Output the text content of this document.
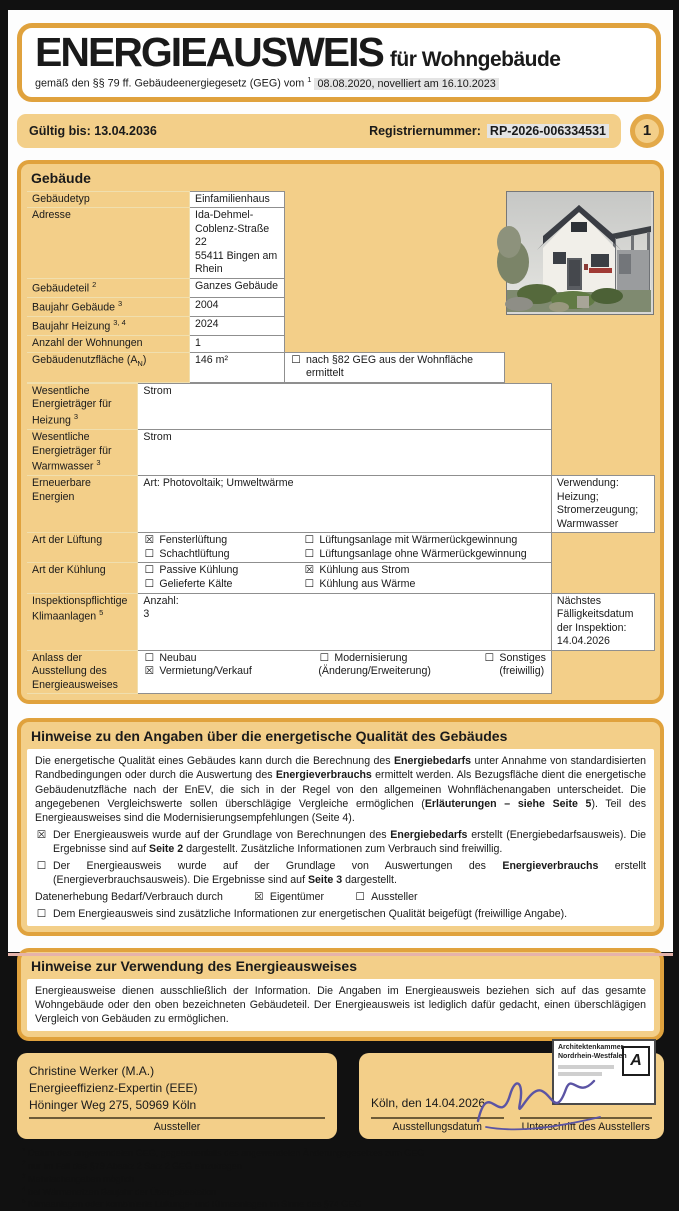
ENERGIEAUSWEIS für Wohngebäude
gemäß den §§ 79 ff. Gebäudeenergiegesetz (GEG) vom $^1$ 08.08.2020, novelliert am 16.10.2023
Gültig bis: 13.04.2036	Registriernummer: RP-2026-006334531	1
Gebäude
Gebäudetyp	Einfamilienhaus
Adresse	Ida-Dehmel-Coblenz-Straße 22
55411 Bingen am Rhein

Gebäudeteil $^2$	Ganzes Gebäude
Baujahr Gebäude $^3$	2004
Baujahr Heizung $^{3, 4}$	2024
Anzahl der Wohnungen	1
Gebäudenutzfläche $(A_N)$	146 m²	☐ nach §82 GEG aus der Wohnfläche ermittelt
Wesentliche Energieträger für Heizung $^3$	Strom
Wesentliche Energieträger für Warmwasser $^3$	Strom
Erneuerbare Energien	Art: Photovoltaik; Umweltwärme	Verwendung: Heizung; Stromerzeugung; Warmwasser
Art der Lüftung	☒ Fensterlüftung
☐ Schachtlüftung
☐ Lüftungsanlage mit Wärmerückgewinnung
☐ Lüftungsanlage ohne Wärmerückgewinnung

Art der Kühlung	☐ Passive Kühlung
☐ Gelieferte Kälte
☒ Kühlung aus Strom
☐ Kühlung aus Wärme

Inspektionspflichtige Klimaanlagen $^5$	
Anzahl:
3

Nächstes Fälligkeitsdatum der Inspektion:
14.04.2026

Anlass der Ausstellung des Energieausweises	
☐ Neubau
☒ Vermietung/Verkauf
☐ Modernisierung
(Änderung/Erweiterung)
☐ Sonstiges (freiwillig)
Hinweise zu den Angaben über die energetische Qualität des Gebäudes
Die energetische Qualität eines Gebäudes kann durch die Berechnung des Energiebedarfs unter Annahme von standardisierten Randbedingungen oder durch die Auswertung des Energieverbrauchs ermittelt werden. Als Bezugsfläche dient die energetische Gebäudenutzfläche nach der EnEV, die sich in der Regel von den allgemeinen Wohnflächenangaben unterscheidet. Die angegebenen Vergleichswerte sollen überschlägige Vergleiche ermöglichen (Erläuterungen – siehe Seite 5). Teil des Energieausweises sind die Modernisierungsempfehlungen (Seite 4).
☒ Der Energieausweis wurde auf der Grundlage von Berechnungen des Energiebedarfs erstellt (Energiebedarfsausweis). Die Ergebnisse sind auf Seite 2 dargestellt. Zusätzliche Informationen zum Verbrauch sind freiwillig.
☐ Der Energieausweis wurde auf der Grundlage von Auswertungen des Energieverbrauchs erstellt (Energieverbrauchsausweis). Die Ergebnisse sind auf Seite 3 dargestellt.
Datenerhebung Bedarf/Verbrauch durch	☒ Eigentümer	☐ Aussteller
☐ Dem Energieausweis sind zusätzliche Informationen zur energetischen Qualität beigefügt (freiwillige Angabe).
Hinweise zur Verwendung des Energieausweises
Energieausweise dienen ausschließlich der Information. Die Angaben im Energieausweis beziehen sich auf das gesamte Wohngebäude oder den oben bezeichneten Gebäudeteil. Der Energieausweis ist lediglich dafür gedacht, einen überschlägigen Vergleich von Gebäuden zu ermöglichen.
Christine Werker (M.A.)
Energieeffizienz-Expertin (EEE)
Höninger Weg 275, 50969 Köln
Aussteller
Architektenkammer
Nordrhein-Westfalen A
Köln, den 14.04.2026
Ausstellungsdatum	Unterschrift des Ausstellers
$^1$ Datum des angewendeten GEG, gegebenenfalls des angewendeten Änderungsgesetzes zum GEG
$^2$ nur im Fall des §79 Absatz 2 Satz 2 GEG einzutragen
$^3$ Mehrfachangaben möglich
$^4$ bei Wärmenetzen Baujahr der Übergabestation
$^5$ Klimaanlagen oder kombinierte Lüftungs- und Klimaanlagen im Sinne des §74 GEG
